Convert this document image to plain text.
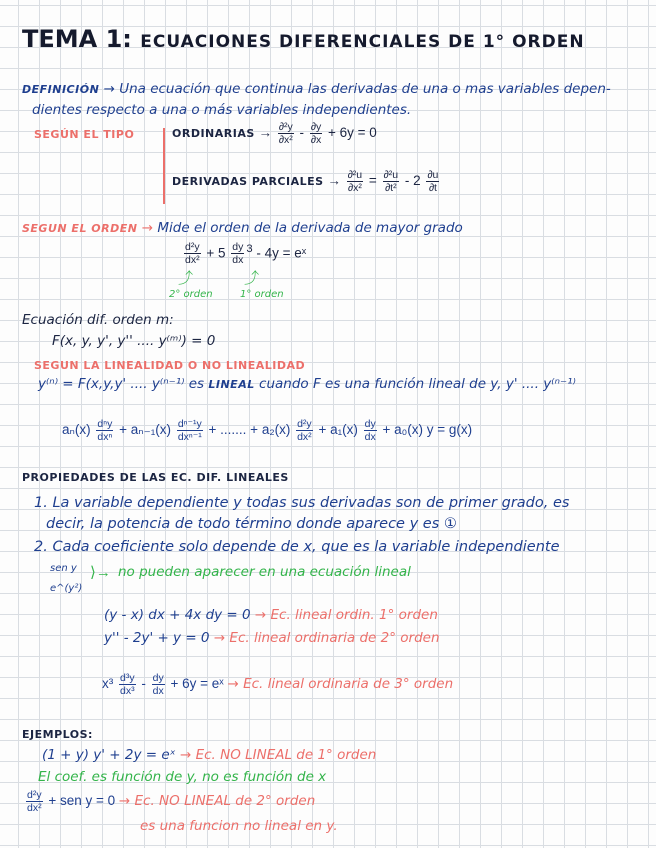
TEMA 1: ECUACIONES DIFERENCIALES DE 1° ORDEN
DEFINICIÓN → Una ecuación que continua las derivadas de una o mas variables depen-
dientes respecto a una o más variables independientes.
SEGÚN EL TIPO	ORDINARIAS → $\frac{\text{∂²y}}{\text{∂x²}} - \frac{\partial y}{\partial x} + 6y = 0$
DERIVADAS PARCIALES → $\frac{\text{∂²u}}{\text{∂x²}} = \frac{\text{∂²u}}{\text{∂t²}} - 2 \frac{\partial u}{\partial t}$
SEGUN EL ORDEN → Mide el orden de la derivada de mayor grado
$\frac{\text{d²y}}{\text{dx²}} + 5 \frac{dy}{dx} ^3 - 4y$ = eˣ
⤴	⤴
2° orden	1° orden
Ecuación dif. orden m:
F(x, y, y', y'' .... y⁽ᵐ⁾) = 0
SEGUN LA LINEALIDAD O NO LINEALIDAD
y⁽ⁿ⁾ = F(x,y,y' .... y⁽ⁿ⁻¹⁾ es LINEAL cuando F es una función lineal de y, y' .... y⁽ⁿ⁻¹⁾
$a_n(x) \frac{\text{dⁿy}}{\text{dxⁿ}} + a_{n-1}(x) \frac{\text{dⁿ⁻¹y}}{\text{dxⁿ⁻¹}}$ + ....... + $a_2(x) \frac{\text{d²y}}{\text{dx²}} + a_1(x) \frac{dy}{dx} + a_0(x) y = g(x)$
PROPIEDADES DE LAS EC. DIF. LINEALES
1. La variable dependiente y todas sus derivadas son de primer grado, es
decir, la potencia de todo término donde aparece y es ①
2. Cada coeficiente solo depende de x, que es la variable independiente
sen y
e^(y²)
⟩→ no pueden aparecer en una ecuación lineal
(y - x) dx + 4x dy = 0 → Ec. lineal ordin. 1° orden
y'' - 2y' + y = 0 → Ec. lineal ordinaria de 2° orden
$x^3 \frac{\text{d³y}}{\text{dx³}} - \frac{dy}{dx} + 6y$ = eˣ → Ec. lineal ordinaria de 3° orden
EJEMPLOS:
(1 + y) y' + 2y = eˣ → Ec. NO LINEAL de 1° orden
El coef. es función de y, no es función de x
$\frac{\text{d²y}}{\text{dx²}}$ + sen y = 0 → Ec. NO LINEAL de 2° orden
es una funcion no lineal en y.
